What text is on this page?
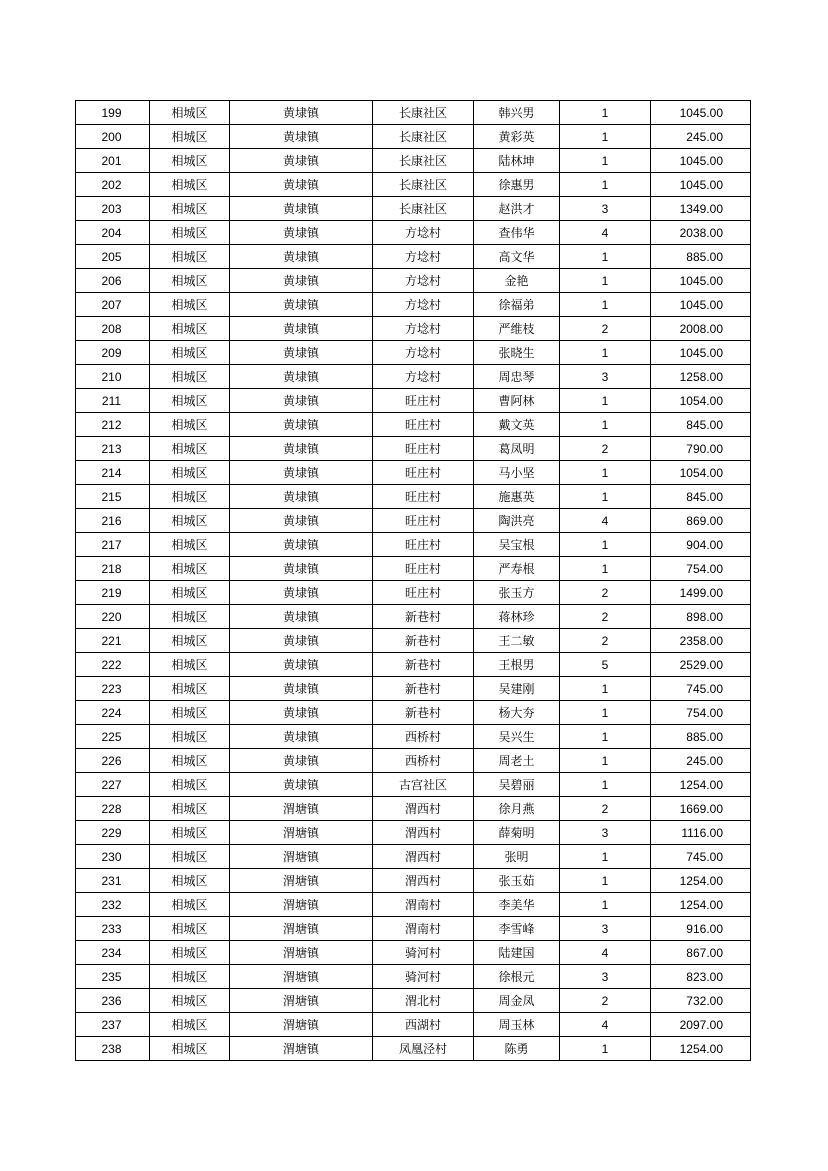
199	相城区	黄埭镇	长康社区	韩兴男	1	1045.00
200	相城区	黄埭镇	长康社区	黄彩英	1	245.00
201	相城区	黄埭镇	长康社区	陆林坤	1	1045.00
202	相城区	黄埭镇	长康社区	徐惠男	1	1045.00
203	相城区	黄埭镇	长康社区	赵洪才	3	1349.00
204	相城区	黄埭镇	方埝村	查伟华	4	2038.00
205	相城区	黄埭镇	方埝村	高文华	1	885.00
206	相城区	黄埭镇	方埝村	金艳	1	1045.00
207	相城区	黄埭镇	方埝村	徐福弟	1	1045.00
208	相城区	黄埭镇	方埝村	严维枝	2	2008.00
209	相城区	黄埭镇	方埝村	张晓生	1	1045.00
210	相城区	黄埭镇	方埝村	周忠琴	3	1258.00
211	相城区	黄埭镇	旺庄村	曹阿林	1	1054.00
212	相城区	黄埭镇	旺庄村	戴文英	1	845.00
213	相城区	黄埭镇	旺庄村	葛凤明	2	790.00
214	相城区	黄埭镇	旺庄村	马小坚	1	1054.00
215	相城区	黄埭镇	旺庄村	施惠英	1	845.00
216	相城区	黄埭镇	旺庄村	陶洪亮	4	869.00
217	相城区	黄埭镇	旺庄村	吴宝根	1	904.00
218	相城区	黄埭镇	旺庄村	严寿根	1	754.00
219	相城区	黄埭镇	旺庄村	张玉方	2	1499.00
220	相城区	黄埭镇	新巷村	蒋林珍	2	898.00
221	相城区	黄埭镇	新巷村	王二敏	2	2358.00
222	相城区	黄埭镇	新巷村	王根男	5	2529.00
223	相城区	黄埭镇	新巷村	吴建刚	1	745.00
224	相城区	黄埭镇	新巷村	杨大夯	1	754.00
225	相城区	黄埭镇	西桥村	吴兴生	1	885.00
226	相城区	黄埭镇	西桥村	周老土	1	245.00
227	相城区	黄埭镇	古宫社区	吴碧丽	1	1254.00
228	相城区	渭塘镇	渭西村	徐月燕	2	1669.00
229	相城区	渭塘镇	渭西村	薛菊明	3	1116.00
230	相城区	渭塘镇	渭西村	张明	1	745.00
231	相城区	渭塘镇	渭西村	张玉茹	1	1254.00
232	相城区	渭塘镇	渭南村	李美华	1	1254.00
233	相城区	渭塘镇	渭南村	李雪峰	3	916.00
234	相城区	渭塘镇	骑河村	陆建国	4	867.00
235	相城区	渭塘镇	骑河村	徐根元	3	823.00
236	相城区	渭塘镇	渭北村	周金凤	2	732.00
237	相城区	渭塘镇	西湖村	周玉林	4	2097.00
238	相城区	渭塘镇	凤凰泾村	陈勇	1	1254.00
